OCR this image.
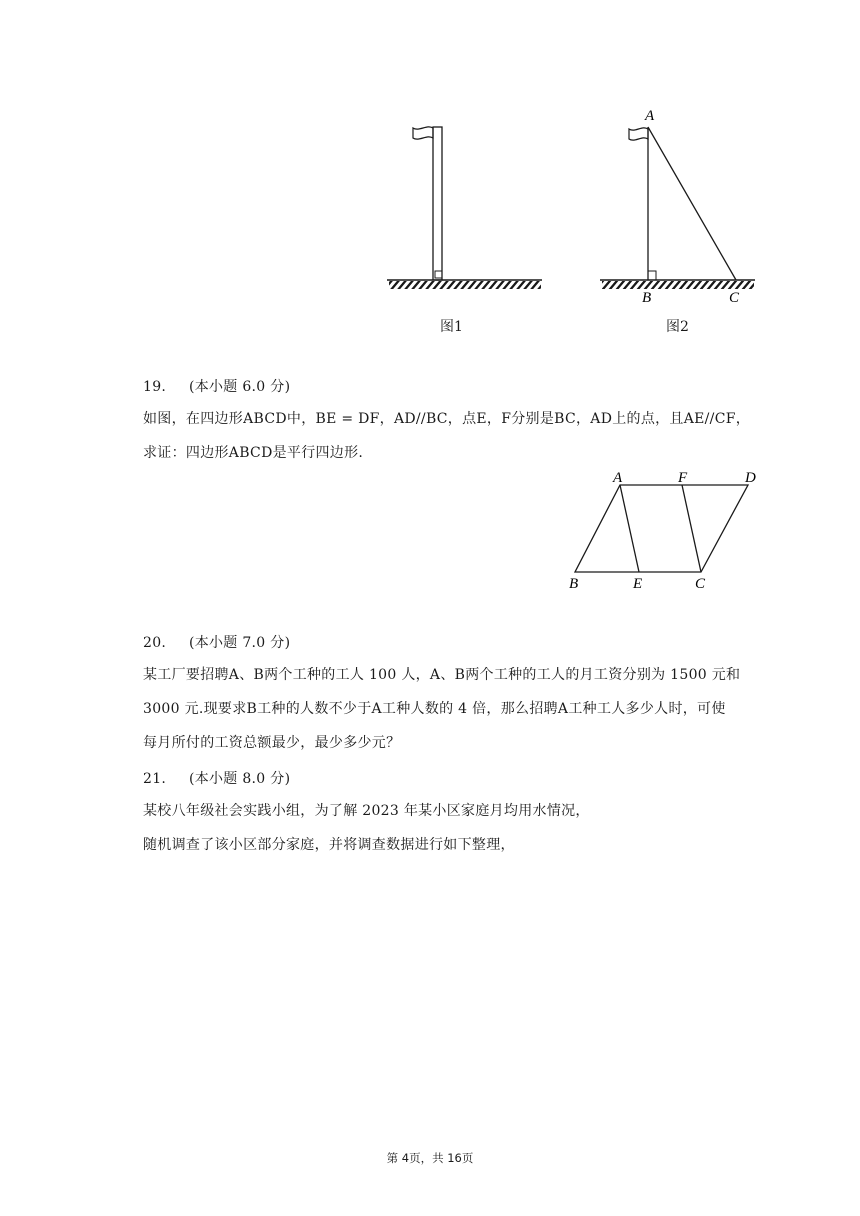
图1
A
B	C
图2
19. (本小题 6.0 分)
如图，在四边形ABCD中，BE = DF，AD//BC，点E，F分别是BC，AD上的点，且AE//CF，
求证：四边形ABCD是平行四边形.
A	F	D
B	E	C
20. (本小题 7.0 分)
某工厂要招聘A、B两个工种的工人 100 人，A、B两个工种的工人的月工资分别为 1500 元和
3000 元.现要求B工种的人数不少于A工种人数的 4 倍，那么招聘A工种工人多少人时，可使
每月所付的工资总额最少，最少多少元？
21. (本小题 8.0 分)
某校八年级社会实践小组，为了解 2023 年某小区家庭月均用水情况，
随机调查了该小区部分家庭，并将调查数据进行如下整理，
第 4页，共 16页
